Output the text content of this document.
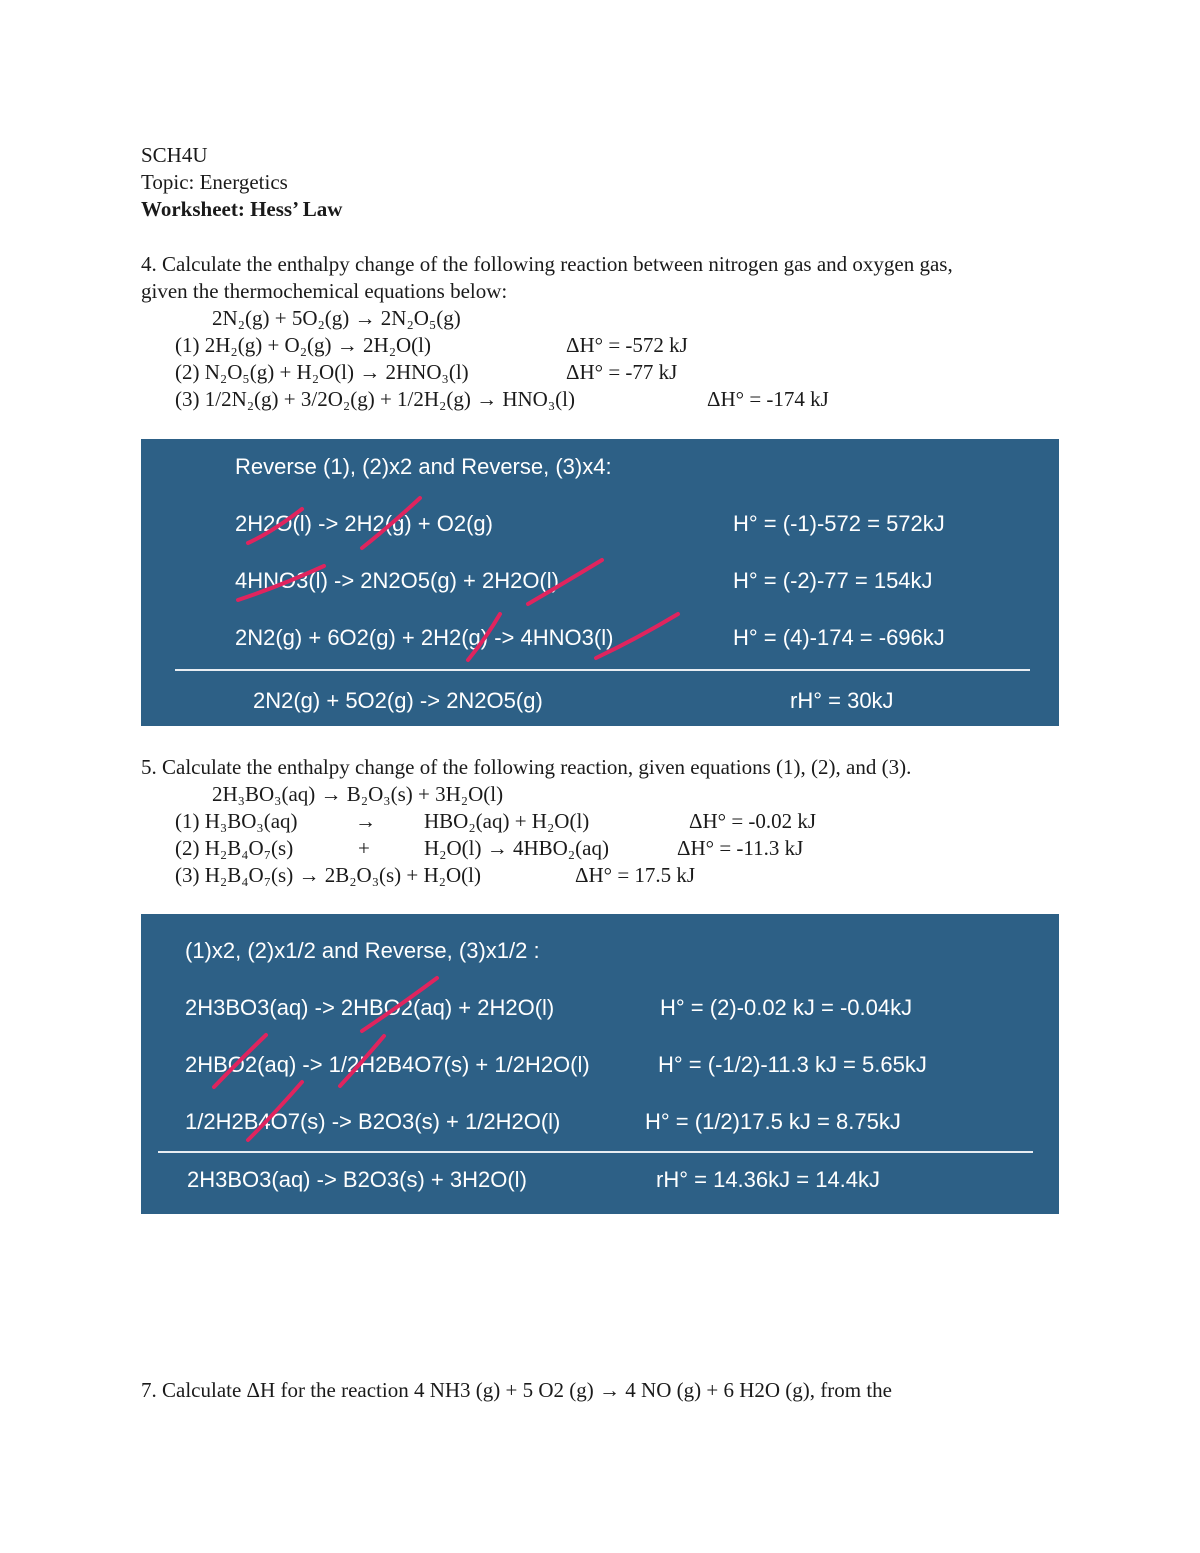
SCH4U
Topic: Energetics
Worksheet: Hess’ Law
4. Calculate the enthalpy change of the following reaction between nitrogen gas and oxygen gas,
given the thermochemical equations below:
2N₂(g) + 5O₂(g) → 2N₂O₅(g)
(1) 2H₂(g) + O₂(g) → 2H₂O(l)	ΔH° = -572 kJ
(2) N₂O₅(g) + H₂O(l) → 2HNO₃(l)	ΔH° = -77 kJ
(3) 1/2N₂(g) + 3/2O₂(g) + 1/2H₂(g) → HNO₃(l)	ΔH° = -174 kJ
Reverse (1), (2)x2 and Reverse, (3)x4:
2H2O(l) -> 2H2(g) + O2(g)	H° = (-1)-572 = 572kJ
4HNO3(l) -> 2N2O5(g) + 2H2O(l)	H° = (-2)-77 = 154kJ
2N2(g) + 6O2(g) + 2H2(g) -> 4HNO3(l)	H° = (4)-174 = -696kJ
2N2(g) + 5O2(g) -> 2N2O5(g)	rH° = 30kJ
5. Calculate the enthalpy change of the following reaction, given equations (1), (2), and (3).
2H₃BO₃(aq) → B₂O₃(s) + 3H₂O(l)
(1) H₃BO₃(aq)	→ HBO₂(aq) + H₂O(l)	ΔH° = -0.02 kJ
(2) H₂B₄O₇(s)	+	H₂O(l) → 4HBO₂(aq)	ΔH° = -11.3 kJ
(3) H₂B₄O₇(s) → 2B₂O₃(s) + H₂O(l)	ΔH° = 17.5 kJ
(1)x2, (2)x1/2 and Reverse, (3)x1/2 :
2H3BO3(aq) -> 2HBO2(aq) + 2H2O(l)	H° = (2)-0.02 kJ = -0.04kJ
2HBO2(aq) -> 1/2H2B4O7(s) + 1/2H2O(l)	H° = (-1/2)-11.3 kJ = 5.65kJ
1/2H2B4O7(s) -> B2O3(s) + 1/2H2O(l)	H° = (1/2)17.5 kJ = 8.75kJ
2H3BO3(aq) -> B2O3(s) + 3H2O(l)	rH° = 14.36kJ = 14.4kJ
7. Calculate ΔH for the reaction 4 NH3 (g) + 5 O2 (g) → 4 NO (g) + 6 H2O (g), from the
